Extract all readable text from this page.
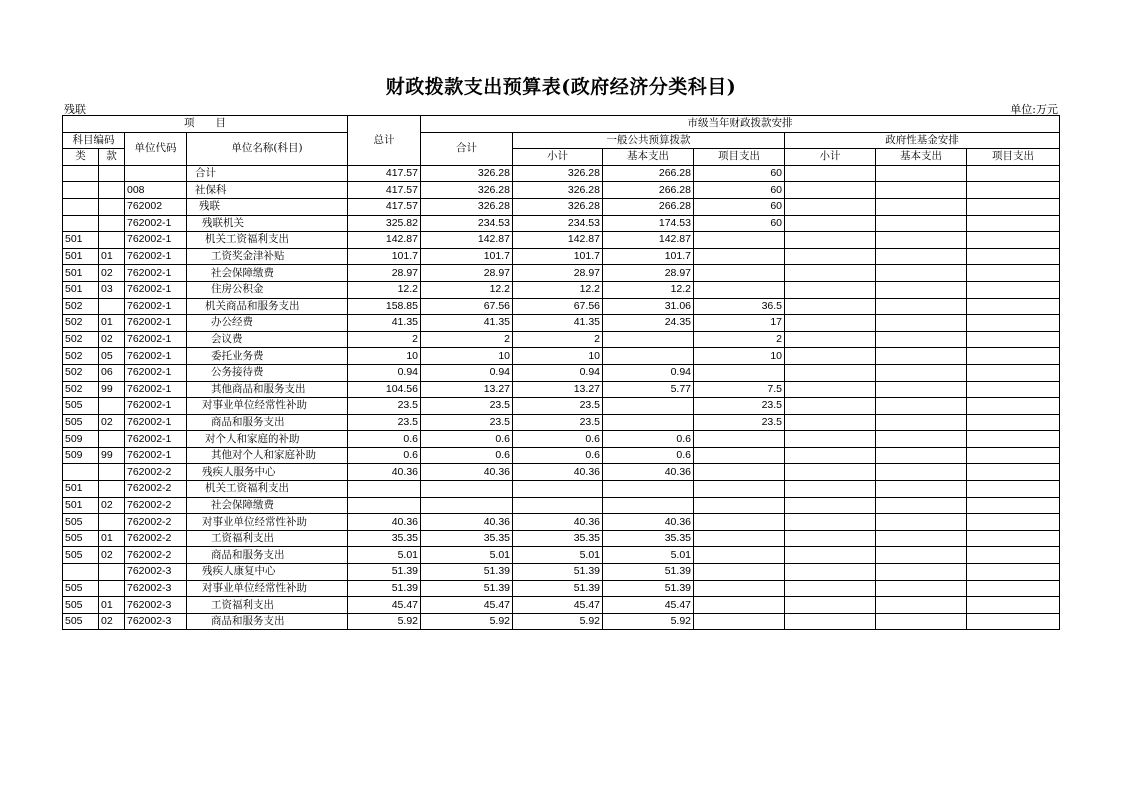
财政拨款支出预算表(政府经济分类科目)
残联	单位:万元
项　　目				总计	市级当年财政拨款安排						
科目编码		单位代码	单位名称(科目)		合计	一般公共预算拨款			政府性基金安排		
类	款					小计	基本支出	项目支出	小计	基本支出	项目支出
			合计	417.57	326.28	326.28	266.28	60			
		008	社保科	417.57	326.28	326.28	266.28	60			
		762002	残联	417.57	326.28	326.28	266.28	60			
		762002-1	残联机关	325.82	234.53	234.53	174.53	60			
501		762002-1	机关工资福利支出	142.87	142.87	142.87	142.87				
501	01	762002-1	工资奖金津补贴	101.7	101.7	101.7	101.7				
501	02	762002-1	社会保障缴费	28.97	28.97	28.97	28.97				
501	03	762002-1	住房公积金	12.2	12.2	12.2	12.2				
502		762002-1	机关商品和服务支出	158.85	67.56	67.56	31.06	36.5			
502	01	762002-1	办公经费	41.35	41.35	41.35	24.35	17			
502	02	762002-1	会议费	2	2	2		2			
502	05	762002-1	委托业务费	10	10	10		10			
502	06	762002-1	公务接待费	0.94	0.94	0.94	0.94				
502	99	762002-1	其他商品和服务支出	104.56	13.27	13.27	5.77	7.5			
505		762002-1	对事业单位经常性补助	23.5	23.5	23.5		23.5			
505	02	762002-1	商品和服务支出	23.5	23.5	23.5		23.5			
509		762002-1	对个人和家庭的补助	0.6	0.6	0.6	0.6				
509	99	762002-1	其他对个人和家庭补助	0.6	0.6	0.6	0.6				
		762002-2	残疾人服务中心	40.36	40.36	40.36	40.36				
501		762002-2	机关工资福利支出								
501	02	762002-2	社会保障缴费								
505		762002-2	对事业单位经常性补助	40.36	40.36	40.36	40.36				
505	01	762002-2	工资福利支出	35.35	35.35	35.35	35.35				
505	02	762002-2	商品和服务支出	5.01	5.01	5.01	5.01				
		762002-3	残疾人康复中心	51.39	51.39	51.39	51.39				
505		762002-3	对事业单位经常性补助	51.39	51.39	51.39	51.39				
505	01	762002-3	工资福利支出	45.47	45.47	45.47	45.47				
505	02	762002-3	商品和服务支出	5.92	5.92	5.92	5.92				
